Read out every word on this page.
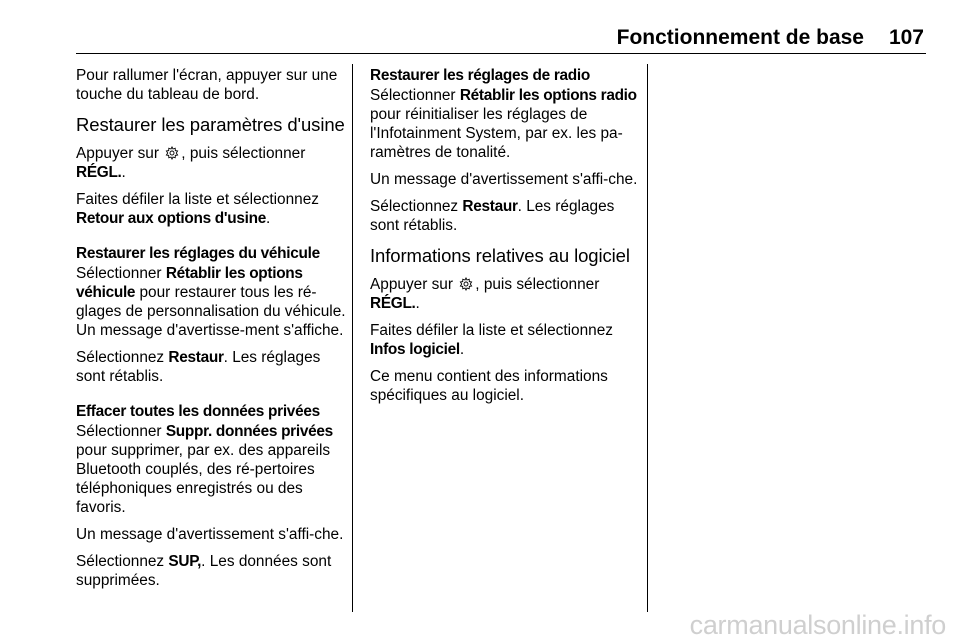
Fonctionnement de base 107

Pour rallumer l'écran, appuyer sur une touche du tableau de bord.

Restaurer les paramètres d'usine

Appuyer sur , puis sélectionner RÉGL..

Faites défiler la liste et sélectionnez Retour aux options d'usine.

Restaurer les réglages du véhicule

Sélectionner Rétablir les options véhicule pour restaurer tous les ré-glages de personnalisation du véhicule. Un message d'avertisse-ment s'affiche.

Sélectionnez Restaur. Les réglages sont rétablis.

Effacer toutes les données privées

Sélectionner Suppr. données privées pour supprimer, par ex. des appareils Bluetooth couplés, des ré-pertoires téléphoniques enregistrés ou des favoris.

Un message d'avertissement s'affi-che.

Sélectionnez SUP,. Les données sont supprimées.

Restaurer les réglages de radio

Sélectionner Rétablir les options radio pour réinitialiser les réglages de l'Infotainment System, par ex. les pa-ramètres de tonalité.

Un message d'avertissement s'affi-che.

Sélectionnez Restaur. Les réglages sont rétablis.

Informations relatives au logiciel

Appuyer sur , puis sélectionner RÉGL..

Faites défiler la liste et sélectionnez Infos logiciel.

Ce menu contient des informations spécifiques au logiciel.

carmanualsonline.info
